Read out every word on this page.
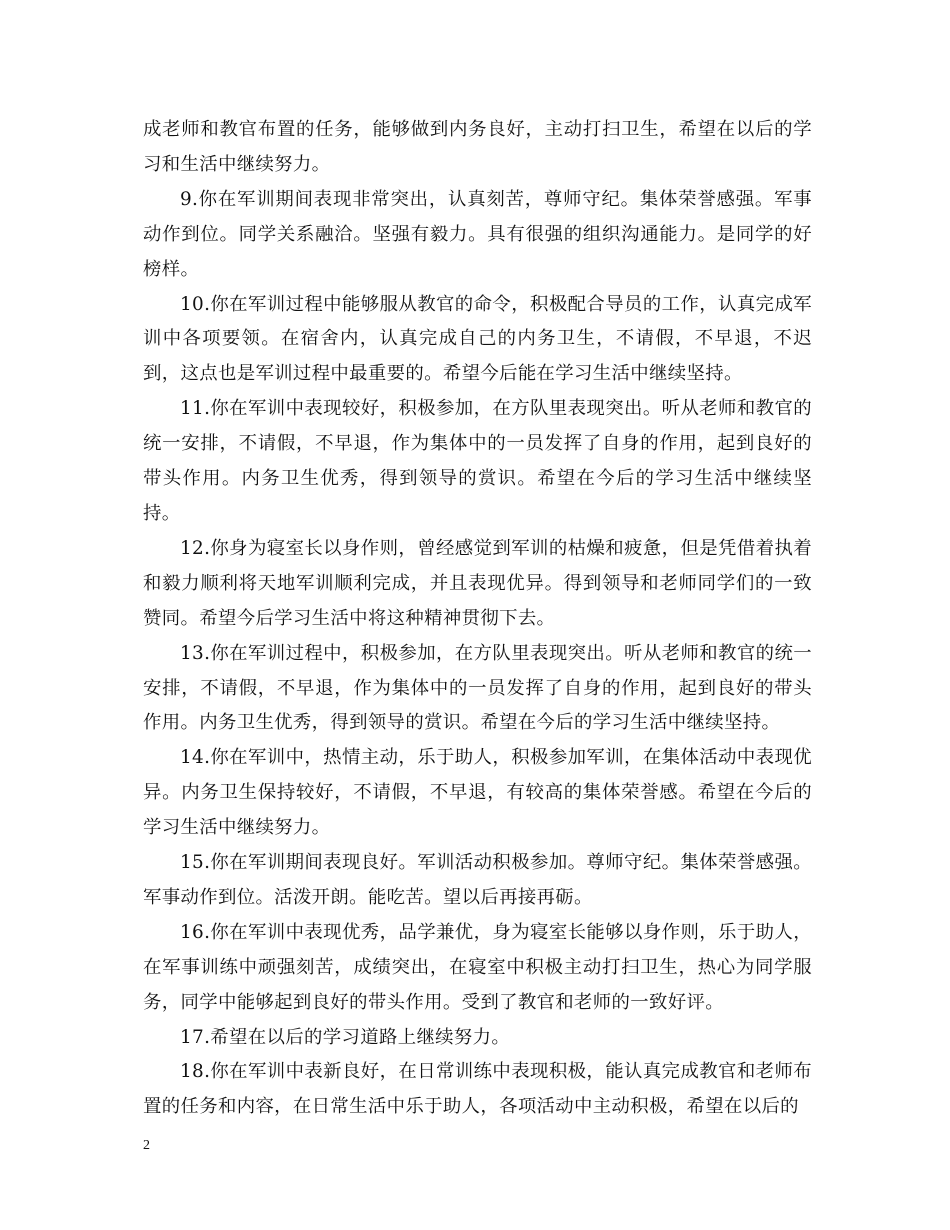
成老师和教官布置的任务，能够做到内务良好，主动打扫卫生，希望在以后的学习和生活中继续努力。

9.你在军训期间表现非常突出，认真刻苦，尊师守纪。集体荣誉感强。军事动作到位。同学关系融洽。坚强有毅力。具有很强的组织沟通能力。是同学的好榜样。

10.你在军训过程中能够服从教官的命令，积极配合导员的工作，认真完成军训中各项要领。在宿舍内，认真完成自己的内务卫生，不请假，不早退，不迟到，这点也是军训过程中最重要的。希望今后能在学习生活中继续坚持。

11.你在军训中表现较好，积极参加，在方队里表现突出。听从老师和教官的统一安排，不请假，不早退，作为集体中的一员发挥了自身的作用，起到良好的带头作用。内务卫生优秀，得到领导的赏识。希望在今后的学习生活中继续坚持。

12.你身为寝室长以身作则，曾经感觉到军训的枯燥和疲惫，但是凭借着执着和毅力顺利将天地军训顺利完成，并且表现优异。得到领导和老师同学们的一致赞同。希望今后学习生活中将这种精神贯彻下去。

13.你在军训过程中，积极参加，在方队里表现突出。听从老师和教官的统一安排，不请假，不早退，作为集体中的一员发挥了自身的作用，起到良好的带头作用。内务卫生优秀，得到领导的赏识。希望在今后的学习生活中继续坚持。

14.你在军训中，热情主动，乐于助人，积极参加军训，在集体活动中表现优异。内务卫生保持较好，不请假，不早退，有较高的集体荣誉感。希望在今后的学习生活中继续努力。

15.你在军训期间表现良好。军训活动积极参加。尊师守纪。集体荣誉感强。军事动作到位。活泼开朗。能吃苦。望以后再接再砺。

16.你在军训中表现优秀，品学兼优，身为寝室长能够以身作则，乐于助人，在军事训练中顽强刻苦，成绩突出，在寝室中积极主动打扫卫生，热心为同学服务，同学中能够起到良好的带头作用。受到了教官和老师的一致好评。

17.希望在以后的学习道路上继续努力。

18.你在军训中表新良好，在日常训练中表现积极，能认真完成教官和老师布置的任务和内容，在日常生活中乐于助人，各项活动中主动积极，希望在以后的

2
